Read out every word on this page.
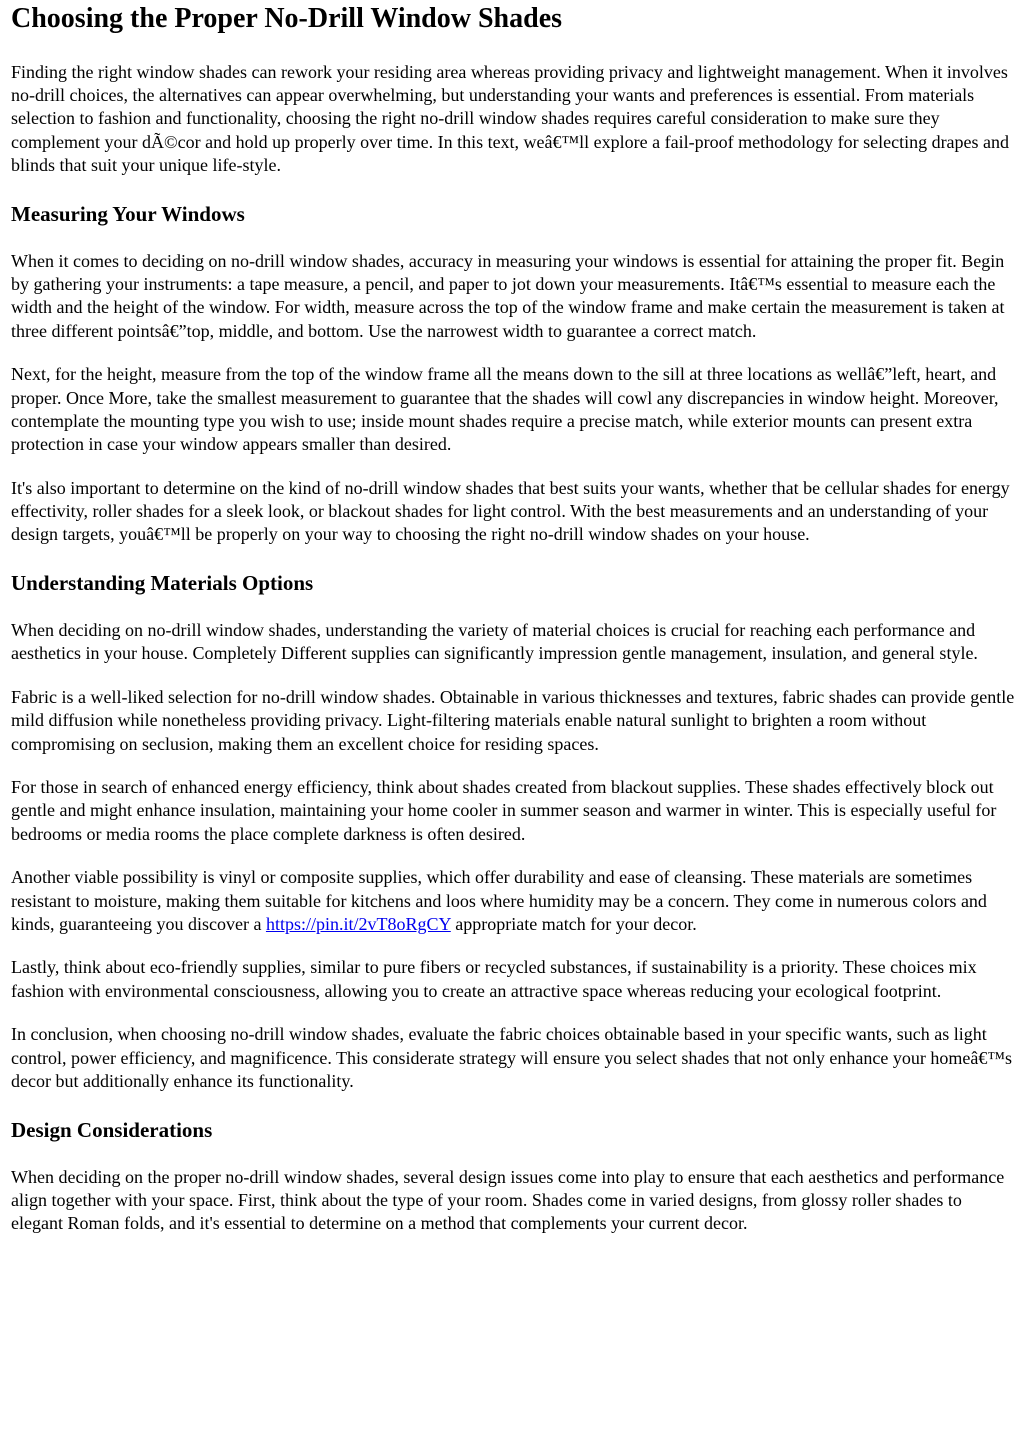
Choosing the Proper No-Drill Window Shades

Finding the right window shades can rework your residing area whereas providing privacy and lightweight management. When it involves no-drill choices, the alternatives can appear overwhelming, but understanding your wants and preferences is essential. From materials selection to fashion and functionality, choosing the right no-drill window shades requires careful consideration to make sure they complement your dÃ©cor and hold up properly over time. In this text, weâ€™ll explore a fail-proof methodology for selecting drapes and blinds that suit your unique life-style.

Measuring Your Windows

When it comes to deciding on no-drill window shades, accuracy in measuring your windows is essential for attaining the proper fit. Begin by gathering your instruments: a tape measure, a pencil, and paper to jot down your measurements. Itâ€™s essential to measure each the width and the height of the window. For width, measure across the top of the window frame and make certain the measurement is taken at three different pointsâ€”top, middle, and bottom. Use the narrowest width to guarantee a correct match.

Next, for the height, measure from the top of the window frame all the means down to the sill at three locations as wellâ€”left, heart, and proper. Once More, take the smallest measurement to guarantee that the shades will cowl any discrepancies in window height. Moreover, contemplate the mounting type you wish to use; inside mount shades require a precise match, while exterior mounts can present extra protection in case your window appears smaller than desired.

It's also important to determine on the kind of no-drill window shades that best suits your wants, whether that be cellular shades for energy effectivity, roller shades for a sleek look, or blackout shades for light control. With the best measurements and an understanding of your design targets, youâ€™ll be properly on your way to choosing the right no-drill window shades on your house.

Understanding Materials Options

When deciding on no-drill window shades, understanding the variety of material choices is crucial for reaching each performance and aesthetics in your house. Completely Different supplies can significantly impression gentle management, insulation, and general style.

Fabric is a well-liked selection for no-drill window shades. Obtainable in various thicknesses and textures, fabric shades can provide gentle mild diffusion while nonetheless providing privacy. Light-filtering materials enable natural sunlight to brighten a room without compromising on seclusion, making them an excellent choice for residing spaces.

For those in search of enhanced energy efficiency, think about shades created from blackout supplies. These shades effectively block out gentle and might enhance insulation, maintaining your home cooler in summer season and warmer in winter. This is especially useful for bedrooms or media rooms the place complete darkness is often desired.

Another viable possibility is vinyl or composite supplies, which offer durability and ease of cleansing. These materials are sometimes resistant to moisture, making them suitable for kitchens and loos where humidity may be a concern. They come in numerous colors and kinds, guaranteeing you discover a https://pin.it/2vT8oRgCY appropriate match for your decor.

Lastly, think about eco-friendly supplies, similar to pure fibers or recycled substances, if sustainability is a priority. These choices mix fashion with environmental consciousness, allowing you to create an attractive space whereas reducing your ecological footprint.

In conclusion, when choosing no-drill window shades, evaluate the fabric choices obtainable based in your specific wants, such as light control, power efficiency, and magnificence. This considerate strategy will ensure you select shades that not only enhance your homeâ€™s decor but additionally enhance its functionality.

Design Considerations

When deciding on the proper no-drill window shades, several design issues come into play to ensure that each aesthetics and performance align together with your space. First, think about the type of your room. Shades come in varied designs, from glossy roller shades to elegant Roman folds, and it's essential to determine on a method that complements your current decor.
